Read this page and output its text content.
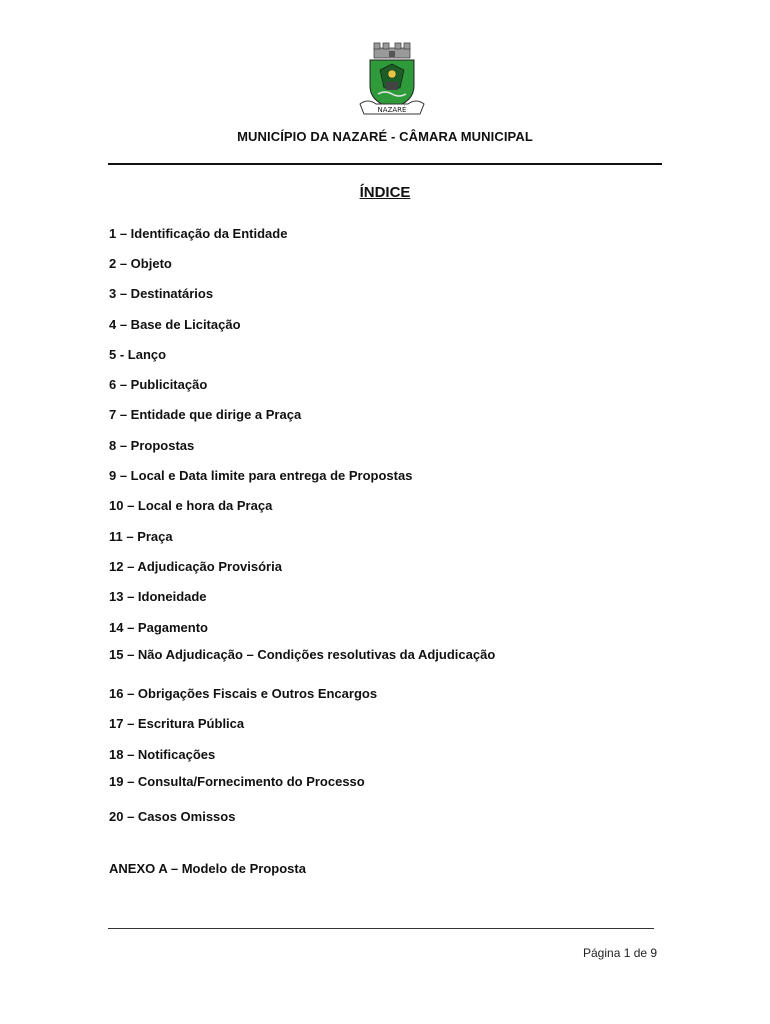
NAZARÉ
MUNICÍPIO DA NAZARÉ - CÂMARA MUNICIPAL
ÍNDICE
1 – Identificação da Entidade
2 – Objeto
3 – Destinatários
4 – Base de Licitação
5 - Lanço
6 – Publicitação
7 – Entidade que dirige a Praça
8 – Propostas
9 – Local e Data limite para entrega de Propostas
10 – Local e hora da Praça
11 – Praça
12 – Adjudicação Provisória
13 – Idoneidade
14 – Pagamento
15 – Não Adjudicação – Condições resolutivas da Adjudicação
16 – Obrigações Fiscais e Outros Encargos
17 – Escritura Pública
18 – Notificações
19 – Consulta/Fornecimento do Processo
20 – Casos Omissos
ANEXO A – Modelo de Proposta
Página 1 de 9
